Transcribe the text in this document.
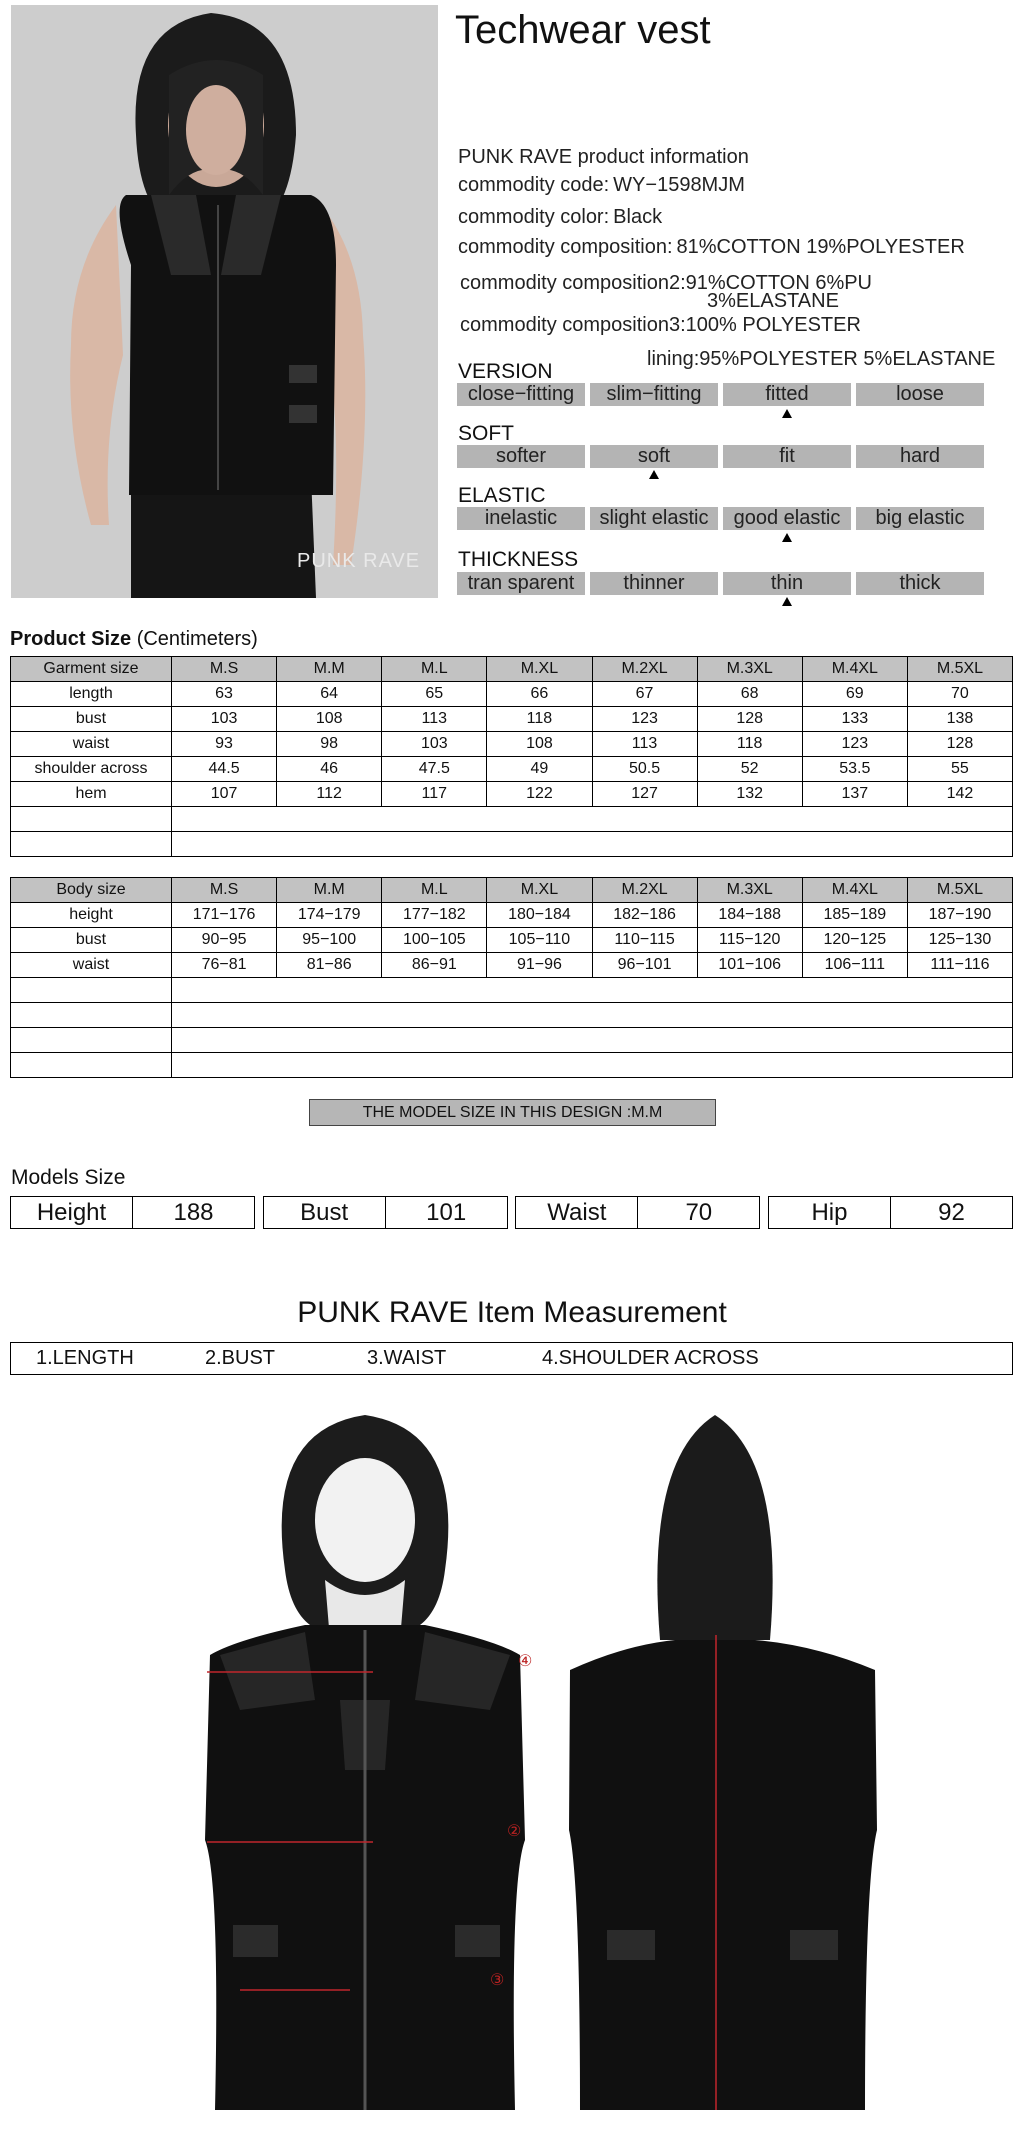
PUNK RAVE
Techwear vest
PUNK RAVE product information
commodity code: WY−1598MJM
commodity color: Black
commodity composition: 81%COTTON 19%POLYESTER
commodity composition2:91%COTTON 6%PU
3%ELASTANE
commodity composition3:100% POLYESTER
lining:95%POLYESTER 5%ELASTANE
VERSION
close−fitting	slim−fitting	fitted	loose
SOFT
softer	soft	fit	hard
ELASTIC
inelastic	slight elastic	good elastic	big elastic
THICKNESS
tran sparent	thinner	thin	thick
Product Size (Centimeters)
Garment size	M.S	M.M	M.L	M.XL	M.2XL	M.3XL	M.4XL	M.5XL
length	63	64	65	66	67	68	69	70
bust	103	108	113	118	123	128	133	138
waist	93	98	103	108	113	118	123	128
shoulder across	44.5	46	47.5	49	50.5	52	53.5	55
hem	107	112	117	122	127	132	137	142

Body size	M.S	M.M	M.L	M.XL	M.2XL	M.3XL	M.4XL	M.5XL
height	171−176	174−179	177−182	180−184	182−186	184−188	185−189	187−190
bust	90−95	95−100	100−105	105−110	110−115	115−120	120−125	125−130
waist	76−81	81−86	86−91	91−96	96−101	101−106	106−111	111−116

THE MODEL SIZE IN THIS DESIGN :M.M
Models Size
Height	188	Bust	101	Waist	70	Hip	92
PUNK RAVE Item Measurement
1.LENGTH	2.BUST	3.WAIST	4.SHOULDER ACROSS
④
②
③
